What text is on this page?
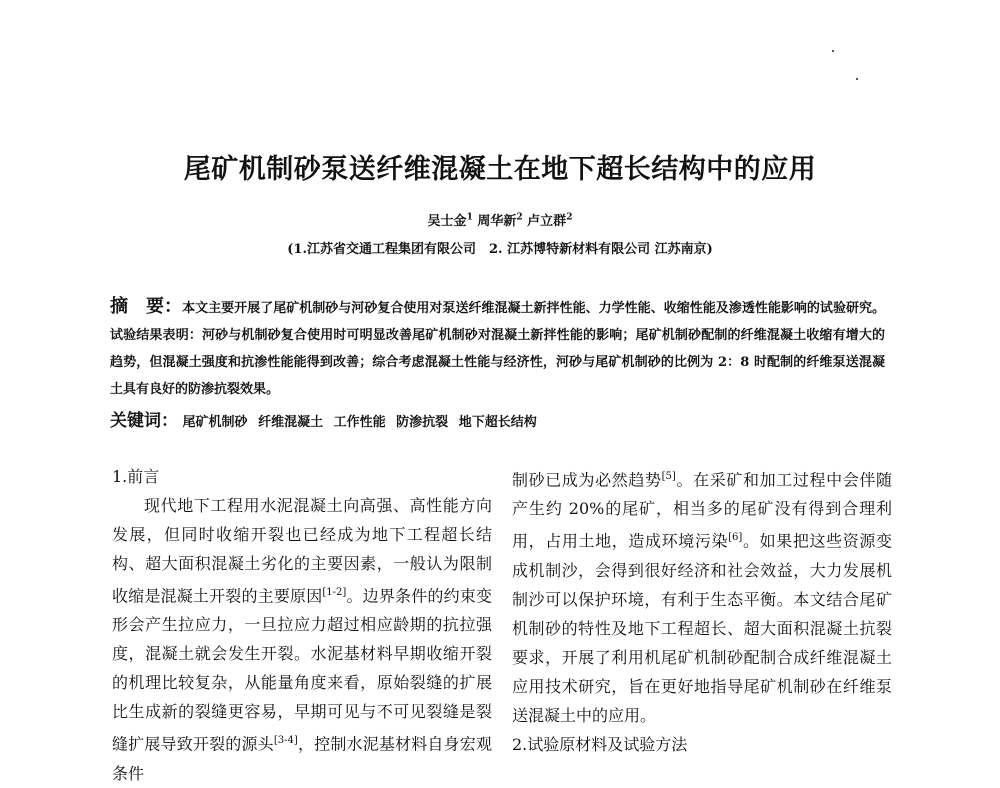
尾矿机制砂泵送纤维混凝土在地下超长结构中的应用
吴士金$^1$ 周华新$^2$ 卢立群$^2$
(1.江苏省交通工程集团有限公司　2. 江苏博特新材料有限公司 江苏南京)
摘　要：本文主要开展了尾矿机制砂与河砂复合使用对泵送纤维混凝土新拌性能、力学性能、收缩性能及渗透性能影响的试验研究。试验结果表明：河砂与机制砂复合使用时可明显改善尾矿机制砂对混凝土新拌性能的影响；尾矿机制砂配制的纤维混凝土收缩有增大的趋势，但混凝土强度和抗渗性能能得到改善；综合考虑混凝土性能与经济性，河砂与尾矿机制砂的比例为 2：8 时配制的纤维泵送混凝土具有良好的防渗抗裂效果。
关键词： 尾矿机制砂 纤维混凝土 工作性能 防渗抗裂 地下超长结构

1.前言

现代地下工程用水泥混凝土向高强、高性能方向发展，但同时收缩开裂也已经成为地下工程超长结构、超大面积混凝土劣化的主要因素，一般认为限制收缩是混凝土开裂的主要原因[1-2]。边界条件的约束变形会产生拉应力，一旦拉应力超过相应龄期的抗拉强度，混凝土就会发生开裂。水泥基材料早期收缩开裂的机理比较复杂，从能量角度来看，原始裂缝的扩展比生成新的裂缝更容易，早期可见与不可见裂缝是裂缝扩展导致开裂的源头[3-4]，控制水泥基材料自身宏观条件

制砂已成为必然趋势[5]。在采矿和加工过程中会伴随产生约 20%的尾矿，相当多的尾矿没有得到合理利用，占用土地，造成环境污染[6]。如果把这些资源变成机制沙，会得到很好经济和社会效益，大力发展机制沙可以保护环境，有利于生态平衡。本文结合尾矿机制砂的特性及地下工程超长、超大面积混凝土抗裂要求，开展了利用机尾矿机制砂配制合成纤维混凝土应用技术研究，旨在更好地指导尾矿机制砂在纤维泵送混凝土中的应用。

2.试验原材料及试验方法
